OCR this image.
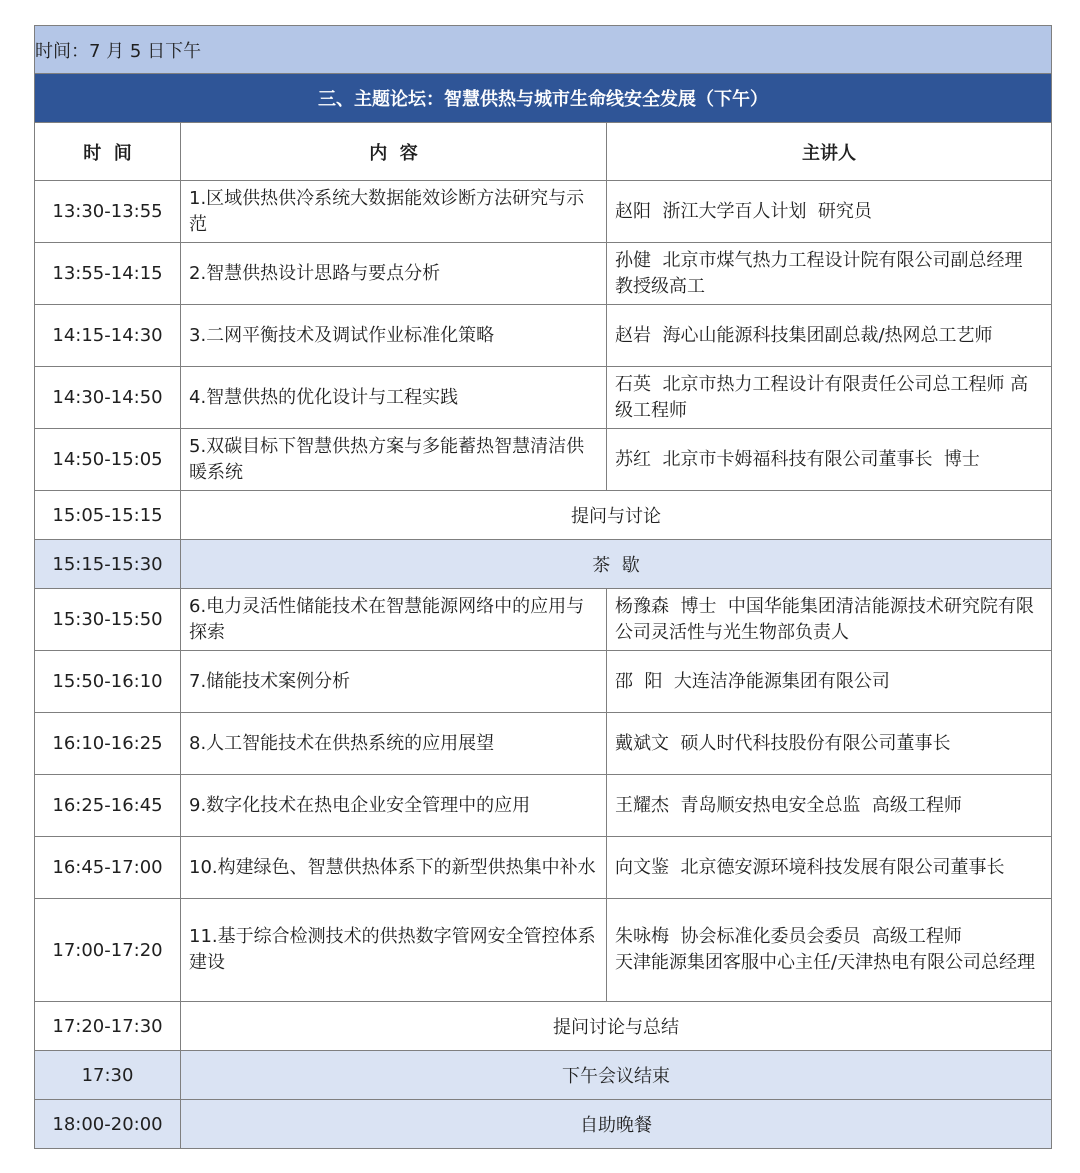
时间：7 月 5 日下午		
三、主题论坛：智慧供热与城市生命线安全发展（下午）		
时  间	内  容	主讲人
13:30-13:55	1.区域供热供冷系统大数据能效诊断方法研究与示范	赵阳  浙江大学百人计划  研究员
13:55-14:15	2.智慧供热设计思路与要点分析	孙健  北京市煤气热力工程设计院有限公司副总经理 教授级高工
14:15-14:30	3.二网平衡技术及调试作业标准化策略	赵岩  海心山能源科技集团副总裁/热网总工艺师
14:30-14:50	4.智慧供热的优化设计与工程实践	石英  北京市热力工程设计有限责任公司总工程师 高级工程师
14:50-15:05	5.双碳目标下智慧供热方案与多能蓄热智慧清洁供暖系统	苏红  北京市卡姆福科技有限公司董事长  博士
15:05-15:15	提问与讨论	
15:15-15:30	茶  歇	
15:30-15:50	6.电力灵活性储能技术在智慧能源网络中的应用与探索	杨豫森  博士  中国华能集团清洁能源技术研究院有限公司灵活性与光生物部负责人
15:50-16:10	7.储能技术案例分析	邵  阳  大连洁净能源集团有限公司
16:10-16:25	8.人工智能技术在供热系统的应用展望	戴斌文  硕人时代科技股份有限公司董事长
16:25-16:45	9.数字化技术在热电企业安全管理中的应用	王耀杰  青岛顺安热电安全总监  高级工程师
16:45-17:00	10.构建绿色、智慧供热体系下的新型供热集中补水	向文鉴  北京德安源环境科技发展有限公司董事长
17:00-17:20	11.基于综合检测技术的供热数字管网安全管控体系建设	朱咏梅  协会标准化委员会委员  高级工程师
天津能源集团客服中心主任/天津热电有限公司总经理

17:20-17:30	提问讨论与总结	
17:30	下午会议结束	
18:00-20:00	自助晚餐	
